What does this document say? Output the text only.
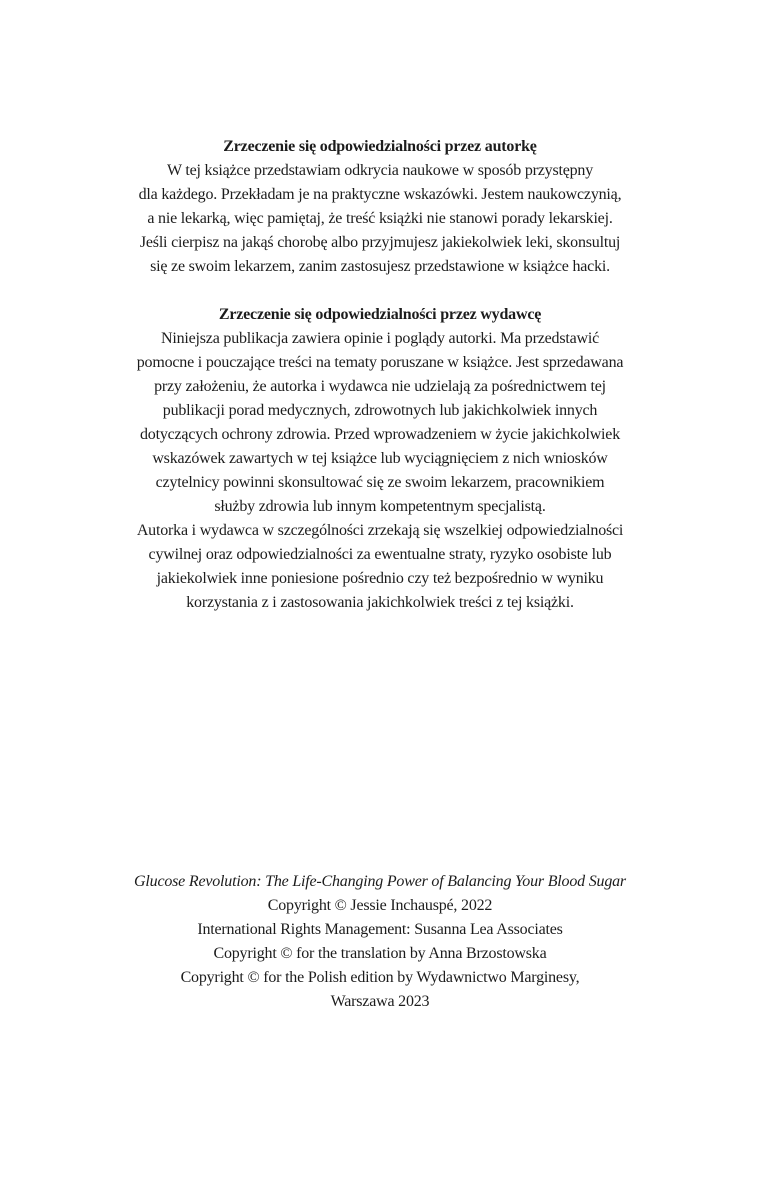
Zrzeczenie się odpowiedzialności przez autorkę
W tej książce przedstawiam odkrycia naukowe w sposób przystępny
dla każdego. Przekładam je na praktyczne wskazówki. Jestem naukowczynią,
a nie lekarką, więc pamiętaj, że treść książki nie stanowi porady lekarskiej.
Jeśli cierpisz na jakąś chorobę albo przyjmujesz jakiekolwiek leki, skonsultuj
się ze swoim lekarzem, zanim zastosujesz przedstawione w książce hacki.
Zrzeczenie się odpowiedzialności przez wydawcę
Niniejsza publikacja zawiera opinie i poglądy autorki. Ma przedstawić
pomocne i pouczające treści na tematy poruszane w książce. Jest sprzedawana
przy założeniu, że autorka i wydawca nie udzielają za pośrednictwem tej
publikacji porad medycznych, zdrowotnych lub jakichkolwiek innych
dotyczących ochrony zdrowia. Przed wprowadzeniem w życie jakichkolwiek
wskazówek zawartych w tej książce lub wyciągnięciem z nich wniosków
czytelnicy powinni skonsultować się ze swoim lekarzem, pracownikiem
służby zdrowia lub innym kompetentnym specjalistą.
Autorka i wydawca w szczególności zrzekają się wszelkiej odpowiedzialności
cywilnej oraz odpowiedzialności za ewentualne straty, ryzyko osobiste lub
jakiekolwiek inne poniesione pośrednio czy też bezpośrednio w wyniku
korzystania z i zastosowania jakichkolwiek treści z tej książki.
Glucose Revolution: The Life-Changing Power of Balancing Your Blood Sugar
Copyright © Jessie Inchauspé, 2022
International Rights Management: Susanna Lea Associates
Copyright © for the translation by Anna Brzostowska
Copyright © for the Polish edition by Wydawnictwo Marginesy,
Warszawa 2023
